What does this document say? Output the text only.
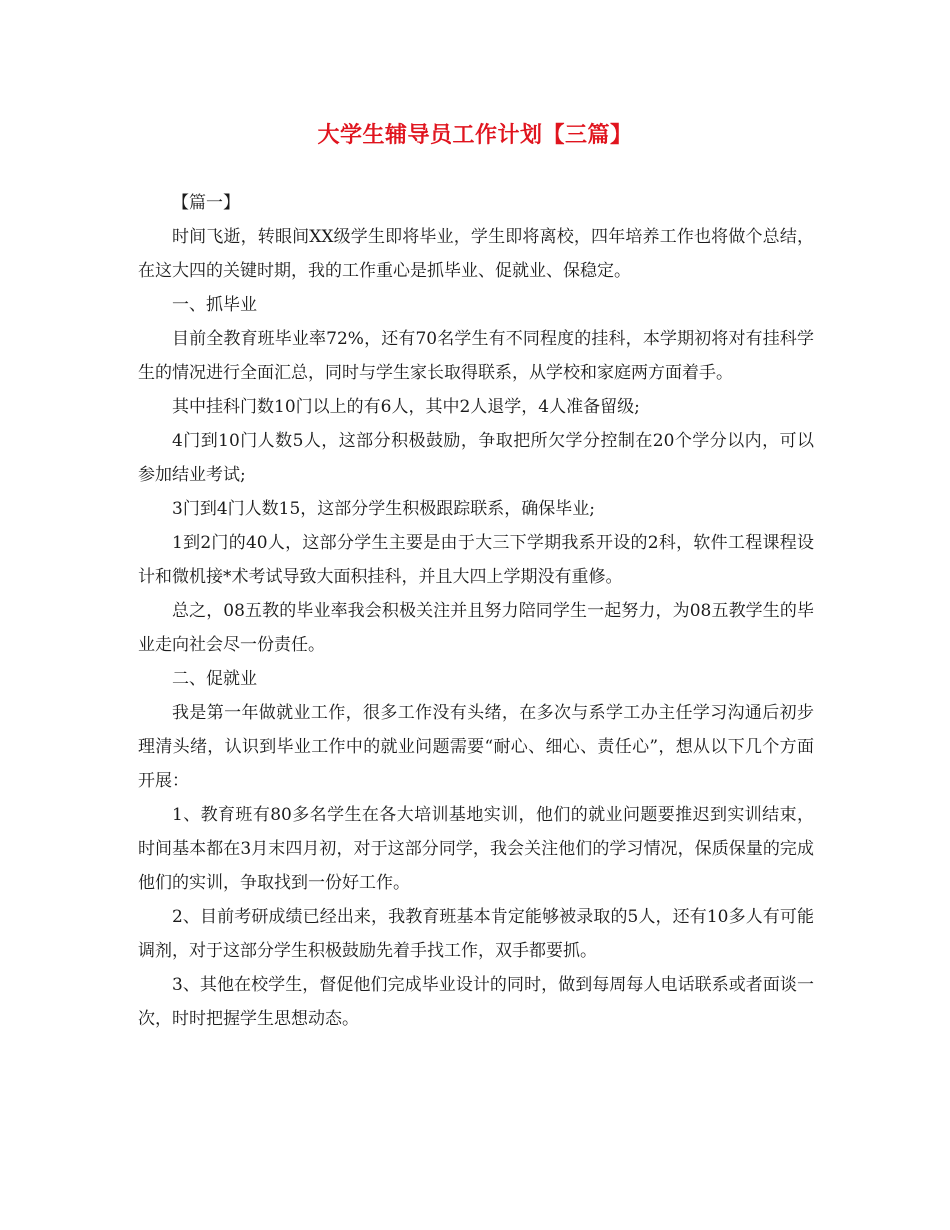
大学生辅导员工作计划【三篇】

【篇一】

时间飞逝，转眼间XX级学生即将毕业，学生即将离校，四年培养工作也将做个总结，在这大四的关键时期，我的工作重心是抓毕业、促就业、保稳定。

一、抓毕业

目前全教育班毕业率72%，还有70名学生有不同程度的挂科，本学期初将对有挂科学生的情况进行全面汇总，同时与学生家长取得联系，从学校和家庭两方面着手。

其中挂科门数10门以上的有6人，其中2人退学，4人准备留级;

4门到10门人数5人，这部分积极鼓励，争取把所欠学分控制在20个学分以内，可以参加结业考试;

3门到4门人数15，这部分学生积极跟踪联系，确保毕业;

1到2门的40人，这部分学生主要是由于大三下学期我系开设的2科，软件工程课程设计和微机接*术考试导致大面积挂科，并且大四上学期没有重修。

总之，08五教的毕业率我会积极关注并且努力陪同学生一起努力，为08五教学生的毕业走向社会尽一份责任。

二、促就业

我是第一年做就业工作，很多工作没有头绪，在多次与系学工办主任学习沟通后初步理清头绪，认识到毕业工作中的就业问题需要“耐心、细心、责任心”，想从以下几个方面开展：

1、教育班有80多名学生在各大培训基地实训，他们的就业问题要推迟到实训结束，时间基本都在3月末四月初，对于这部分同学，我会关注他们的学习情况，保质保量的完成他们的实训，争取找到一份好工作。

2、目前考研成绩已经出来，我教育班基本肯定能够被录取的5人，还有10多人有可能调剂，对于这部分学生积极鼓励先着手找工作，双手都要抓。

3、其他在校学生，督促他们完成毕业设计的同时，做到每周每人电话联系或者面谈一次，时时把握学生思想动态。
